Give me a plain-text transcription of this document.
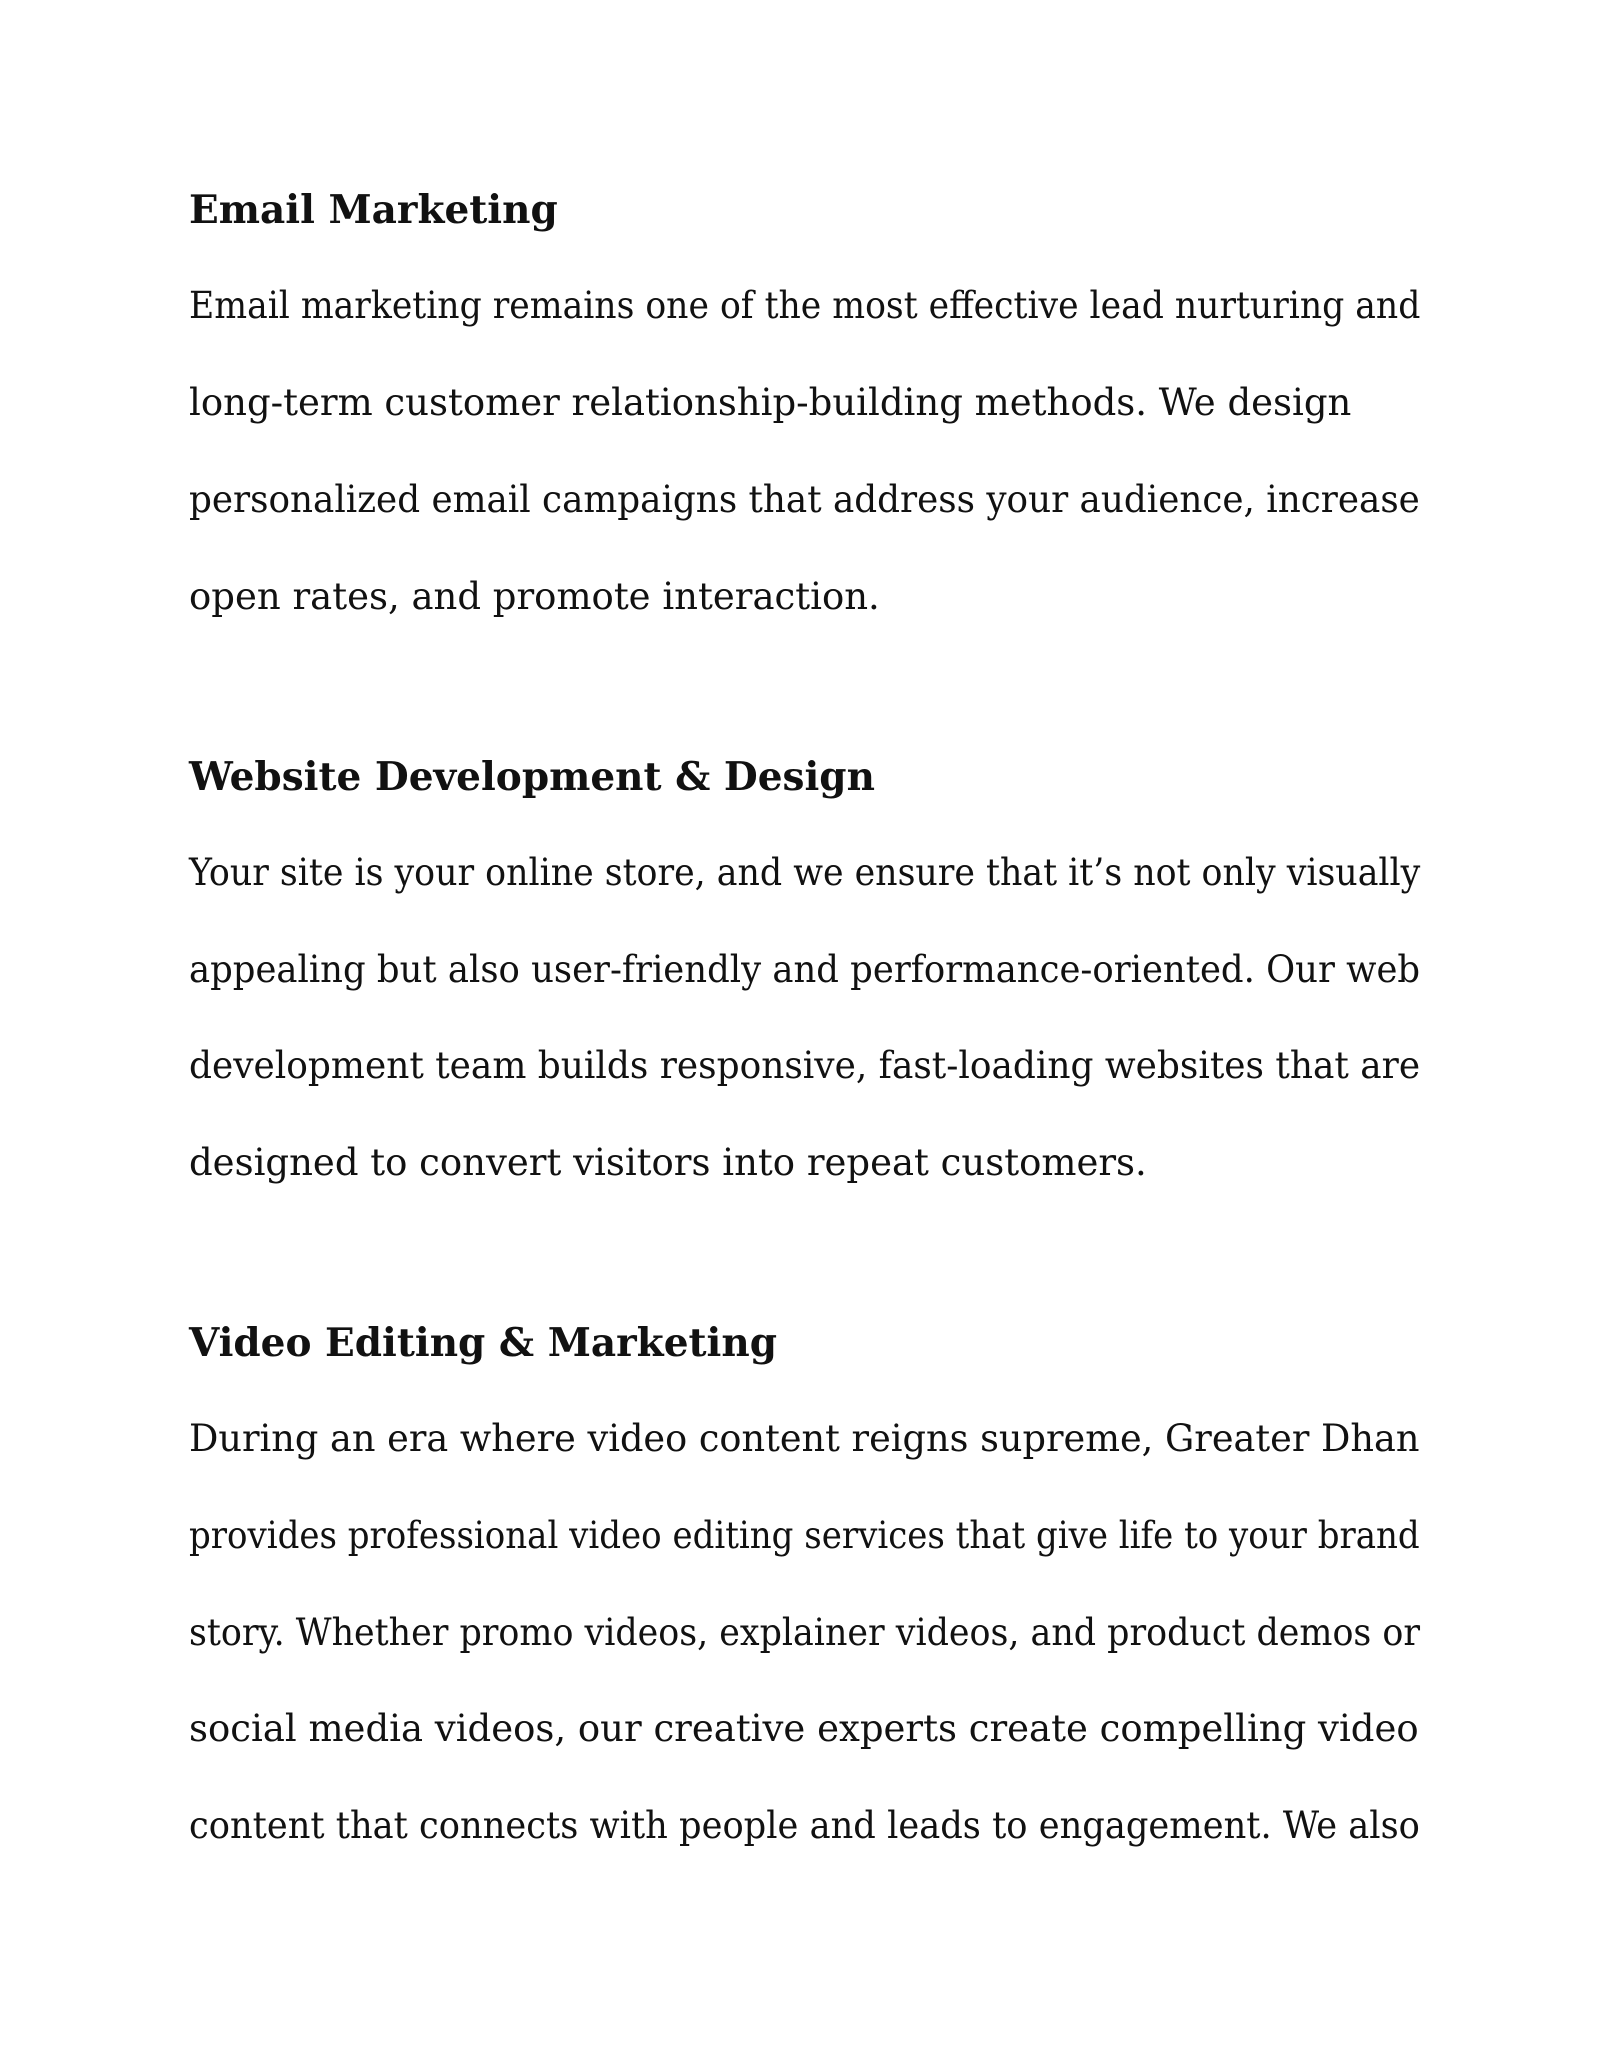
Email Marketing

Email marketing remains one of the most effective lead nurturing and

long-term customer relationship-building methods. We design

personalized email campaigns that address your audience, increase

open rates, and promote interaction.

Website Development & Design

Your site is your online store, and we ensure that it’s not only visually

appealing but also user-friendly and performance-oriented. Our web

development team builds responsive, fast-loading websites that are

designed to convert visitors into repeat customers.

Video Editing & Marketing

During an era where video content reigns supreme, Greater Dhan

provides professional video editing services that give life to your brand

story. Whether promo videos, explainer videos, and product demos or

social media videos, our creative experts create compelling video

content that connects with people and leads to engagement. We also
